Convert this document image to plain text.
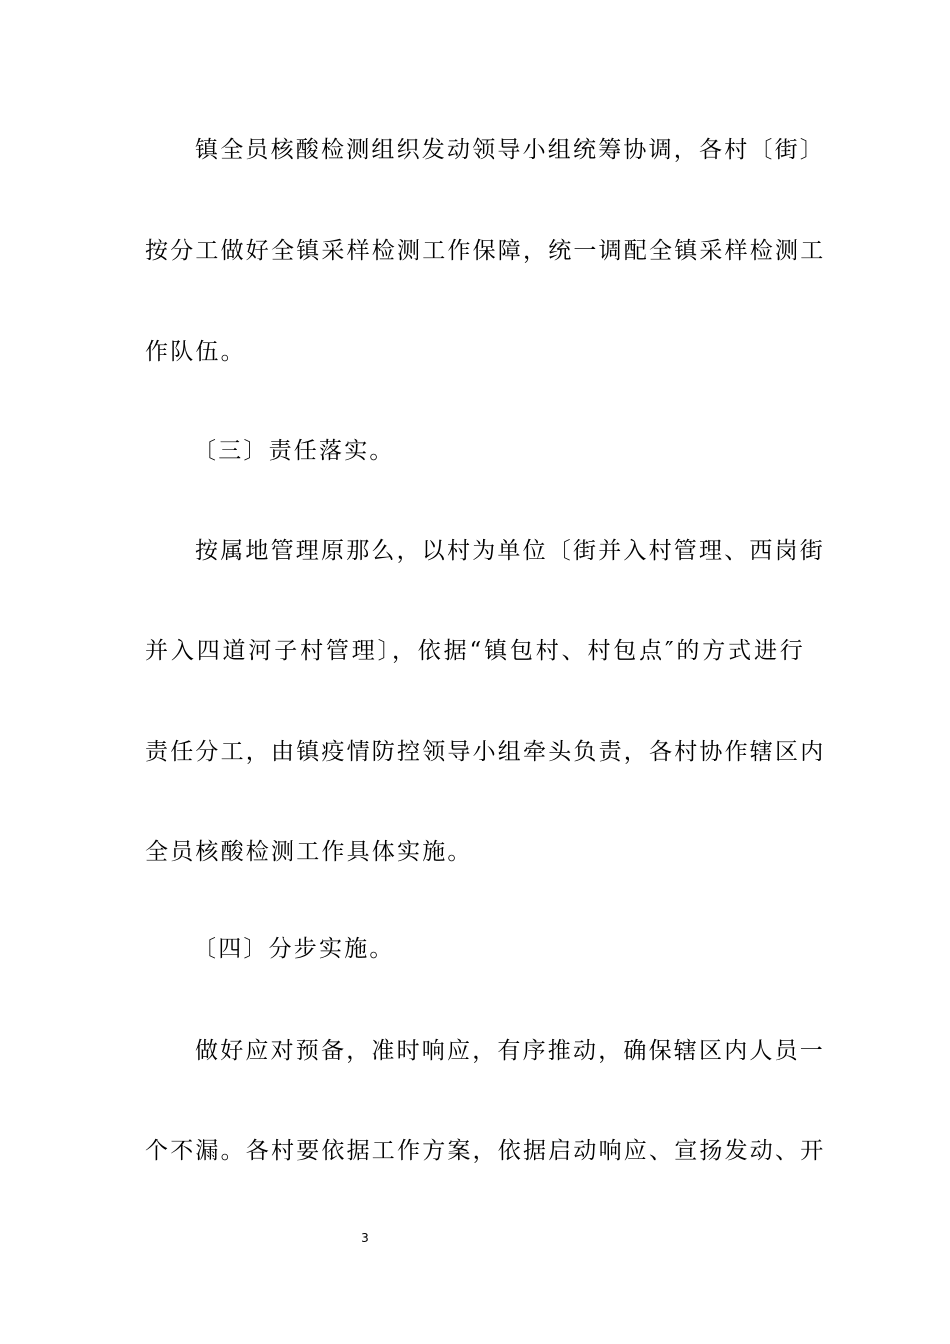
镇全员核酸检测组织发动领导小组统筹协调，各村〔街〕
按分工做好全镇采样检测工作保障，统一调配全镇采样检测工
作队伍。
〔三〕责任落实。
按属地管理原那么，以村为单位〔街并入村管理、西岗街
并入四道河子村管理〕，依据“镇包村、村包点″的方式进行
责任分工，由镇疫情防控领导小组牵头负责，各村协作辖区内
全员核酸检测工作具体实施。
〔四〕分步实施。
做好应对预备，准时响应，有序推动，确保辖区内人员一
个不漏。各村要依据工作方案，依据启动响应、宣扬发动、开
3
